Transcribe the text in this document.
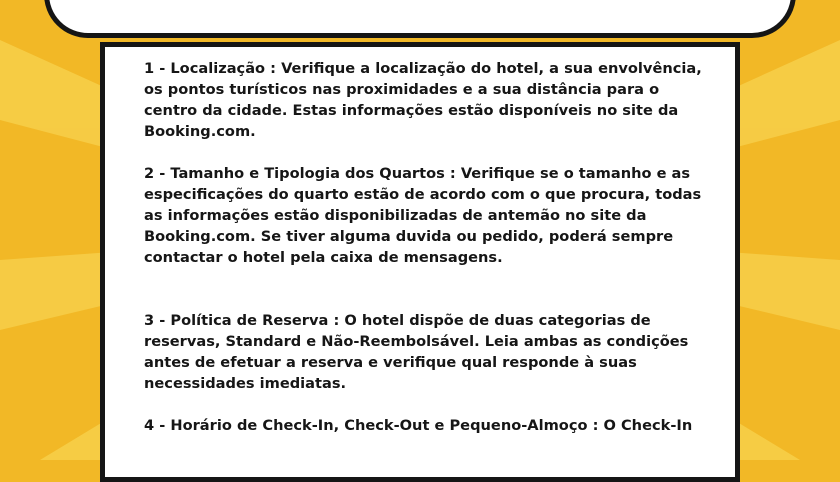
1 - Localização : Verifique a localização do hotel, a sua envolvência,
os pontos turísticos nas proximidades e a sua distância para o
centro da cidade. Estas informações estão disponíveis no site da
Booking.com.

2 - Tamanho e Tipologia dos Quartos : Verifique se o tamanho e as
especificações do quarto estão de acordo com o que procura, todas
as informações estão disponibilizadas de antemão no site da
Booking.com. Se tiver alguma duvida ou pedido, poderá sempre
contactar o hotel pela caixa de mensagens.

3 - Política de Reserva : O hotel dispõe de duas categorias de
reservas, Standard e Não-Reembolsável. Leia ambas as condições
antes de efetuar a reserva e verifique qual responde à suas
necessidades imediatas.

4 - Horário de Check-In, Check-Out e Pequeno-Almoço : O Check-In
